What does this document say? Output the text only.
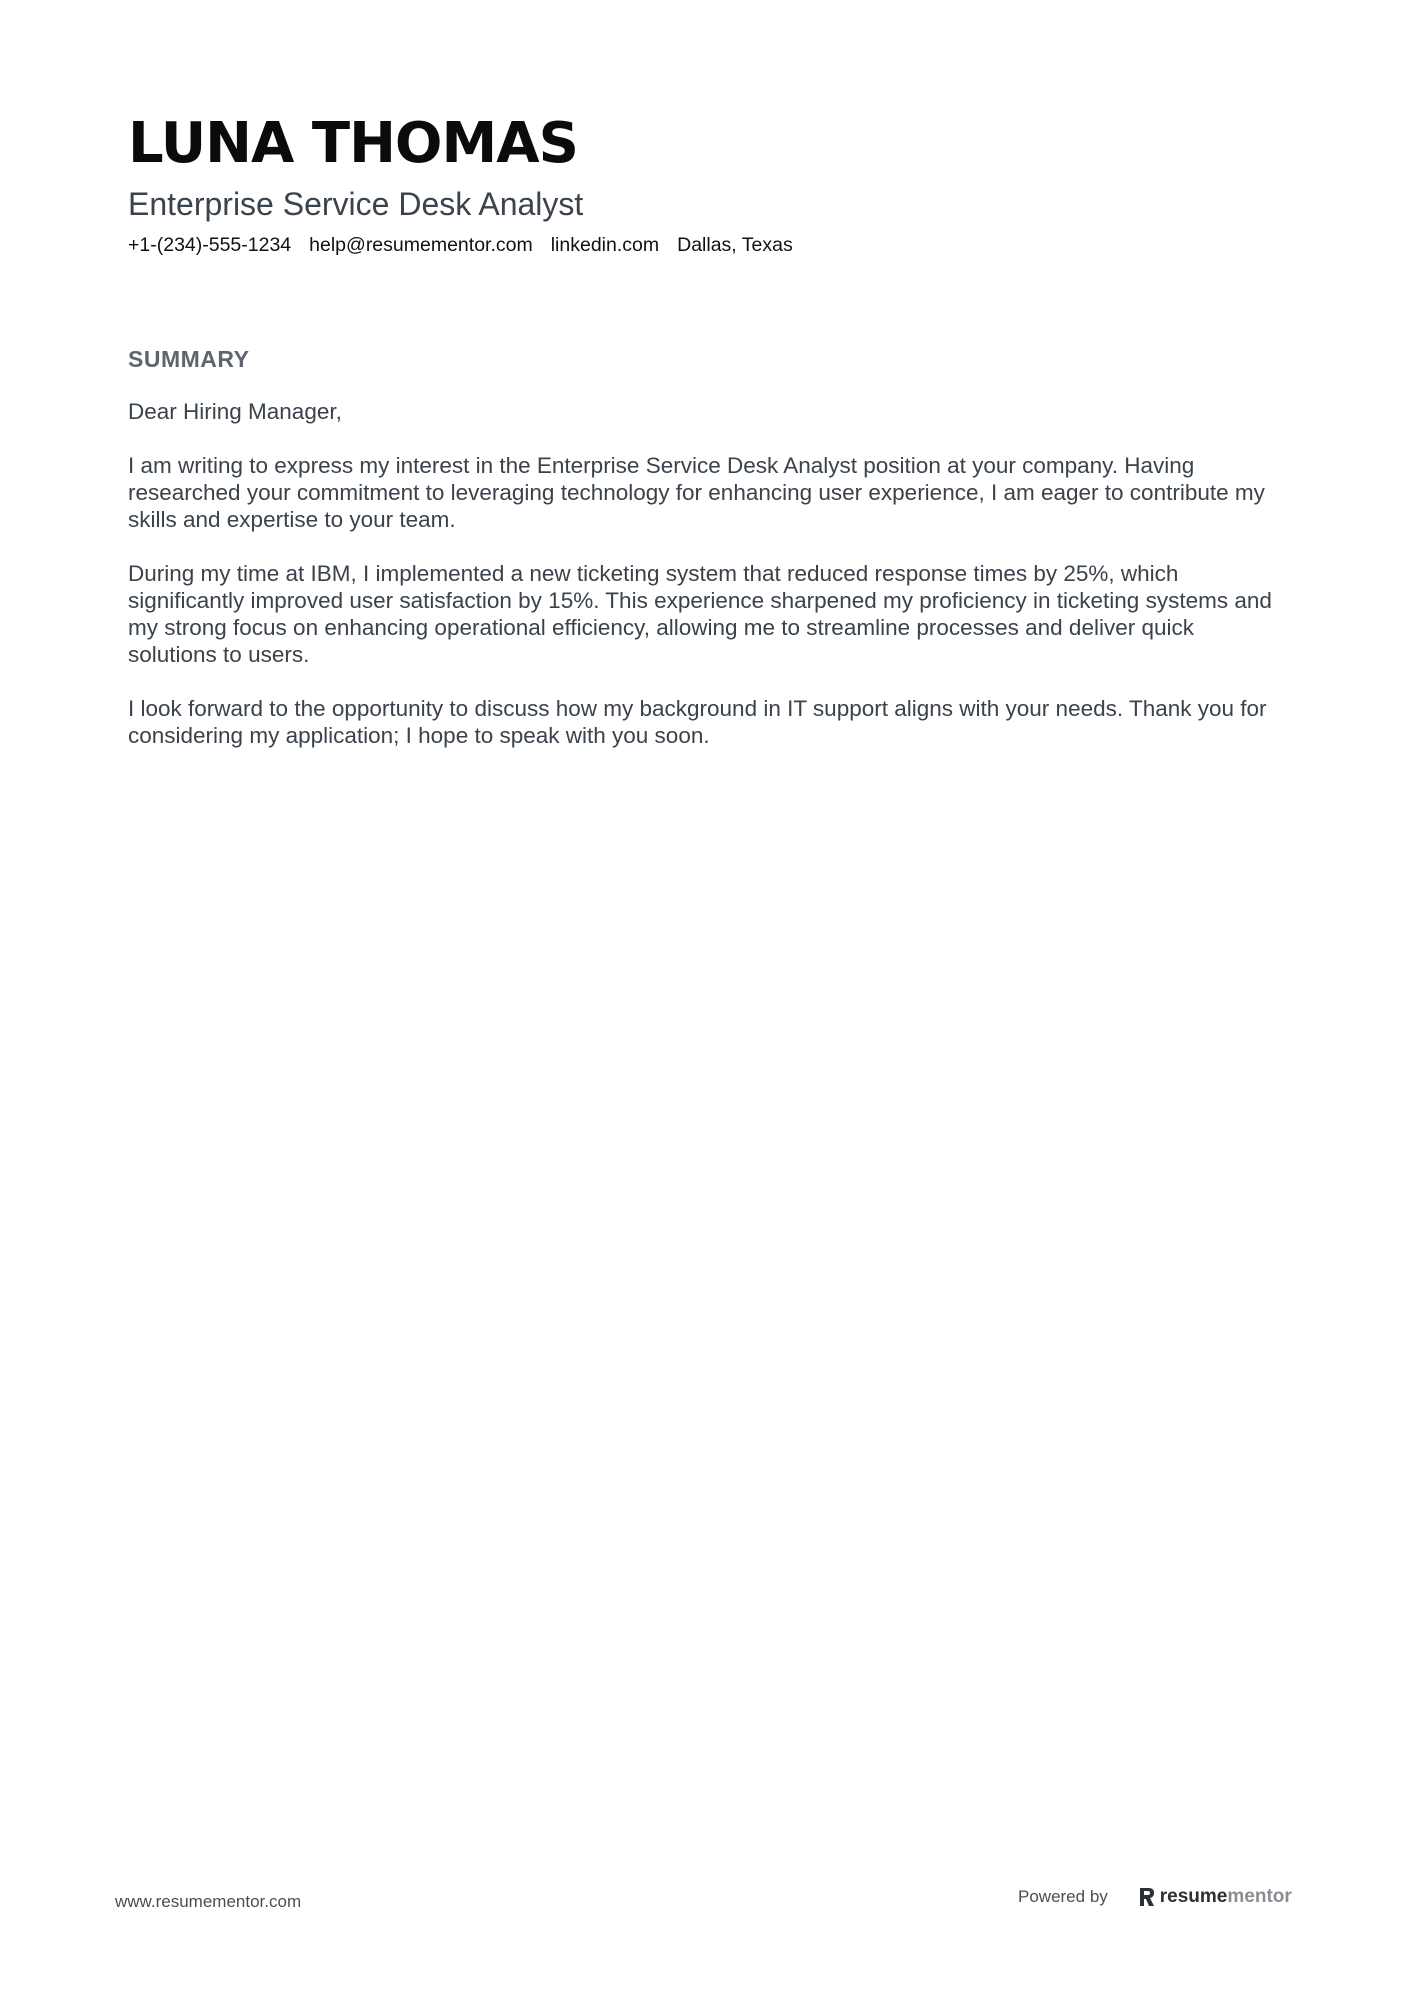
LUNA THOMAS
Enterprise Service Desk Analyst
+1-(234)-555-1234 help@resumementor.com linkedin.com Dallas, Texas
SUMMARY

Dear Hiring Manager,

I am writing to express my interest in the Enterprise Service Desk Analyst position at your company. Having researched your commitment to leveraging technology for enhancing user experience, I am eager to contribute my skills and expertise to your team.

During my time at IBM, I implemented a new ticketing system that reduced response times by 25%, which significantly improved user satisfaction by 15%. This experience sharpened my proficiency in ticketing systems and my strong focus on enhancing operational efficiency, allowing me to streamline processes and deliver quick solutions to users.

I look forward to the opportunity to discuss how my background in IT support aligns with your needs. Thank you for considering my application; I hope to speak with you soon.

www.resumementor.com	Powered by	resume mentor
